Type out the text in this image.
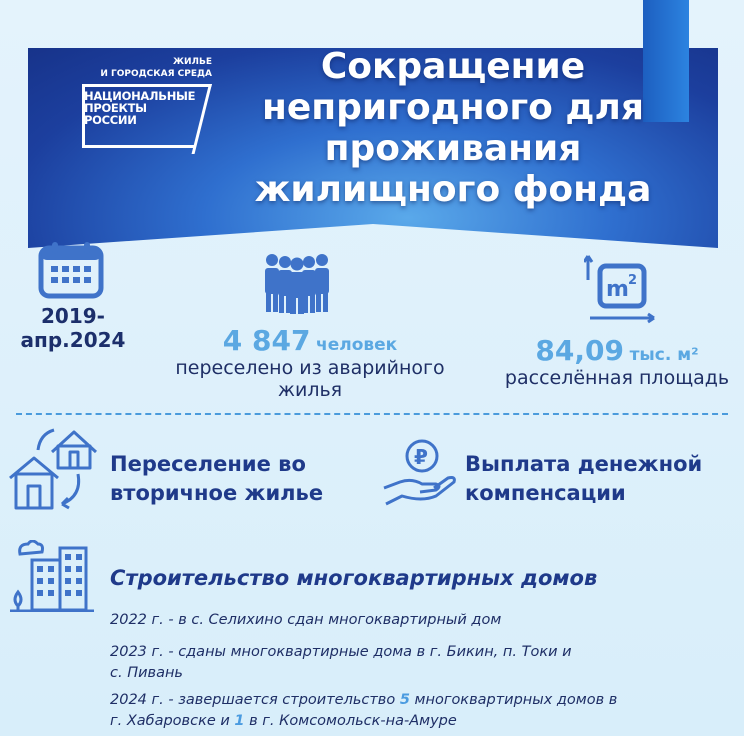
ЖИЛЬЕ
И ГОРОДСКАЯ СРЕДА
НАЦИОНАЛЬНЫЕ
ПРОЕКТЫ
РОССИИ
Сокращение
непригодного для
проживания
жилищного фонда
2019-
апр.2024	4 847 человек
переселено из аварийного
жилья
m 2
84,09 тыс. м²
расселённая площадь
Переселение во
вторичное жилье
₽ Выплата денежной
компенсации
Строительство многоквартирных домов
2022 г. - в с. Селихино сдан многоквартирный дом
2023 г. - сданы многоквартирные дома в г. Бикин, п. Токи и
с. Пивань
2024 г. - завершается строительство 5 многоквартирных домов в
г. Хабаровске и 1 в г. Комсомольск-на-Амуре
